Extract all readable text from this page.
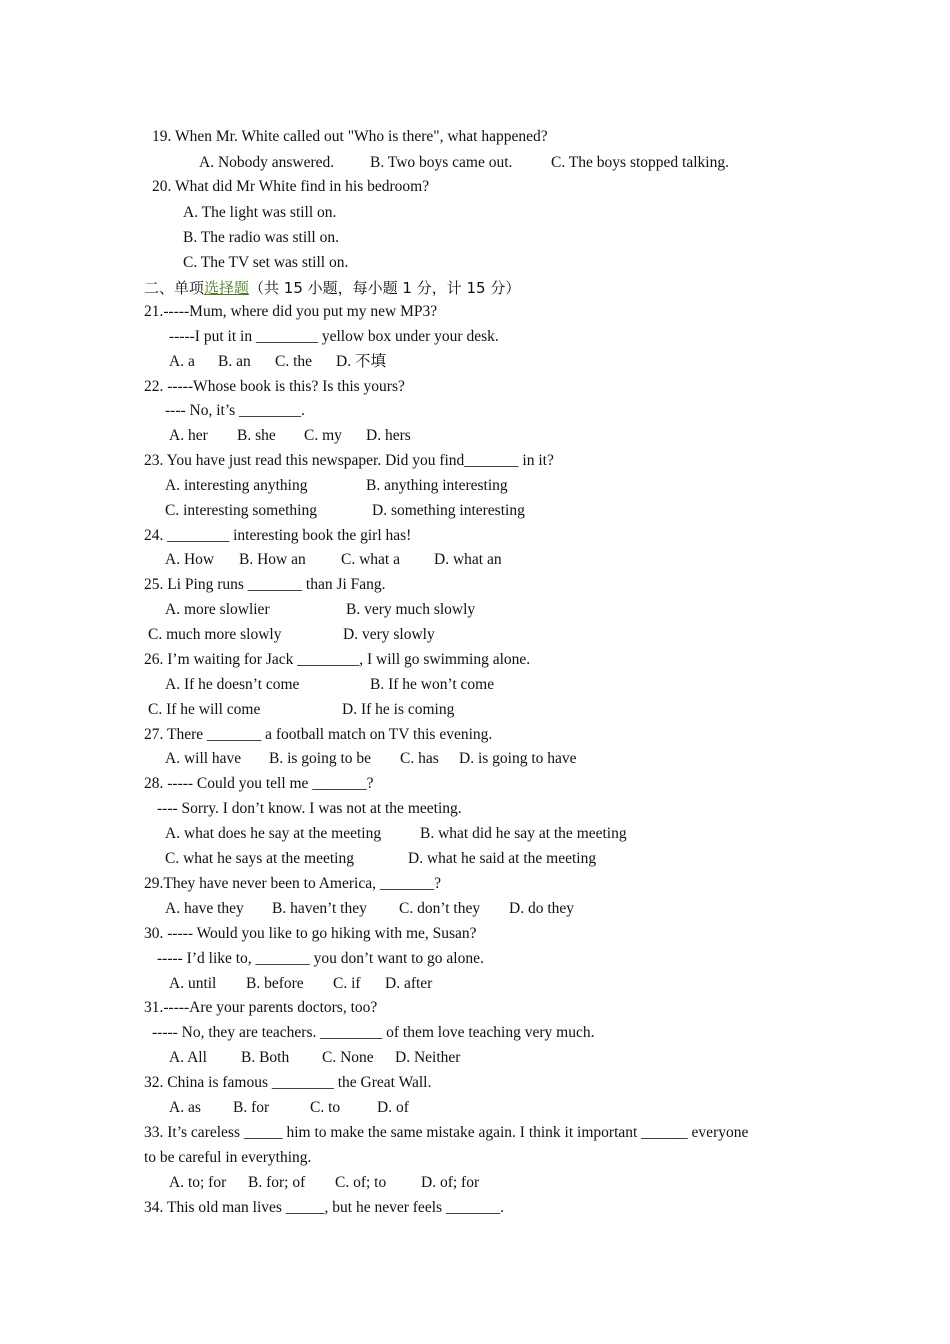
19. When Mr. White called out "Who is there", what happened?

A. Nobody answered.

B. Two boys came out.

C. The boys stopped talking.

20. What did Mr White find in his bedroom?
A. The light was still on.
B. The radio was still on.
C. The TV set was still on.
二、单项选择题（共 15 小题，每小题 1 分，计 15 分）
21.-----Mum, where did you put my new MP3?
-----I put it in ________ yellow box under your desk.

A. a

B. an

C. the

D. 不填

22. -----Whose book is this? Is this yours?
---- No, it’s ________.

A. her

B. she

C. my

D. hers

23. You have just read this newspaper. Did you find_______ in it?

A. interesting anything

	B. anything interesting

C. interesting something

	D. something interesting

24. ________ interesting book the girl has!

A. How

B. How an

C. what a

D. what an

25. Li Ping runs _______ than Ji Fang.

A. more slowlier

	B. very much slowly

C. much more slowly

	D. very slowly

26. I’m waiting for Jack ________, I will go swimming alone.

A. If he doesn’t come

	B. If he won’t come

C. If he will come

	D. If he is coming

27. There _______ a football match on TV this evening.

A. will have

B. is going to be

C. has

D. is going to have

28. ----- Could you tell me _______?
---- Sorry. I don’t know. I was not at the meeting.

A. what does he say at the meeting

	B. what did he say at the meeting

C. what he says at the meeting

	D. what he said at the meeting

29.They have never been to America, _______?

A. have they

B. haven’t they

C. don’t they

D. do they

30. ----- Would you like to go hiking with me, Susan?
----- I’d like to, _______ you don’t want to go alone.

A. until

B. before

C. if

D. after

31.-----Are your parents doctors, too?
----- No, they are teachers. ________ of them love teaching very much.

A. All

B. Both

C. None

D. Neither

32. China is famous ________ the Great Wall.

A. as

B. for

	C. to

D. of

33. It’s careless _____ him to make the same mistake again. I think it important ______ everyone
to be careful in everything.

A. to; for

B. for; of

C. of; to

D. of; for

34. This old man lives _____, but he never feels _______.
